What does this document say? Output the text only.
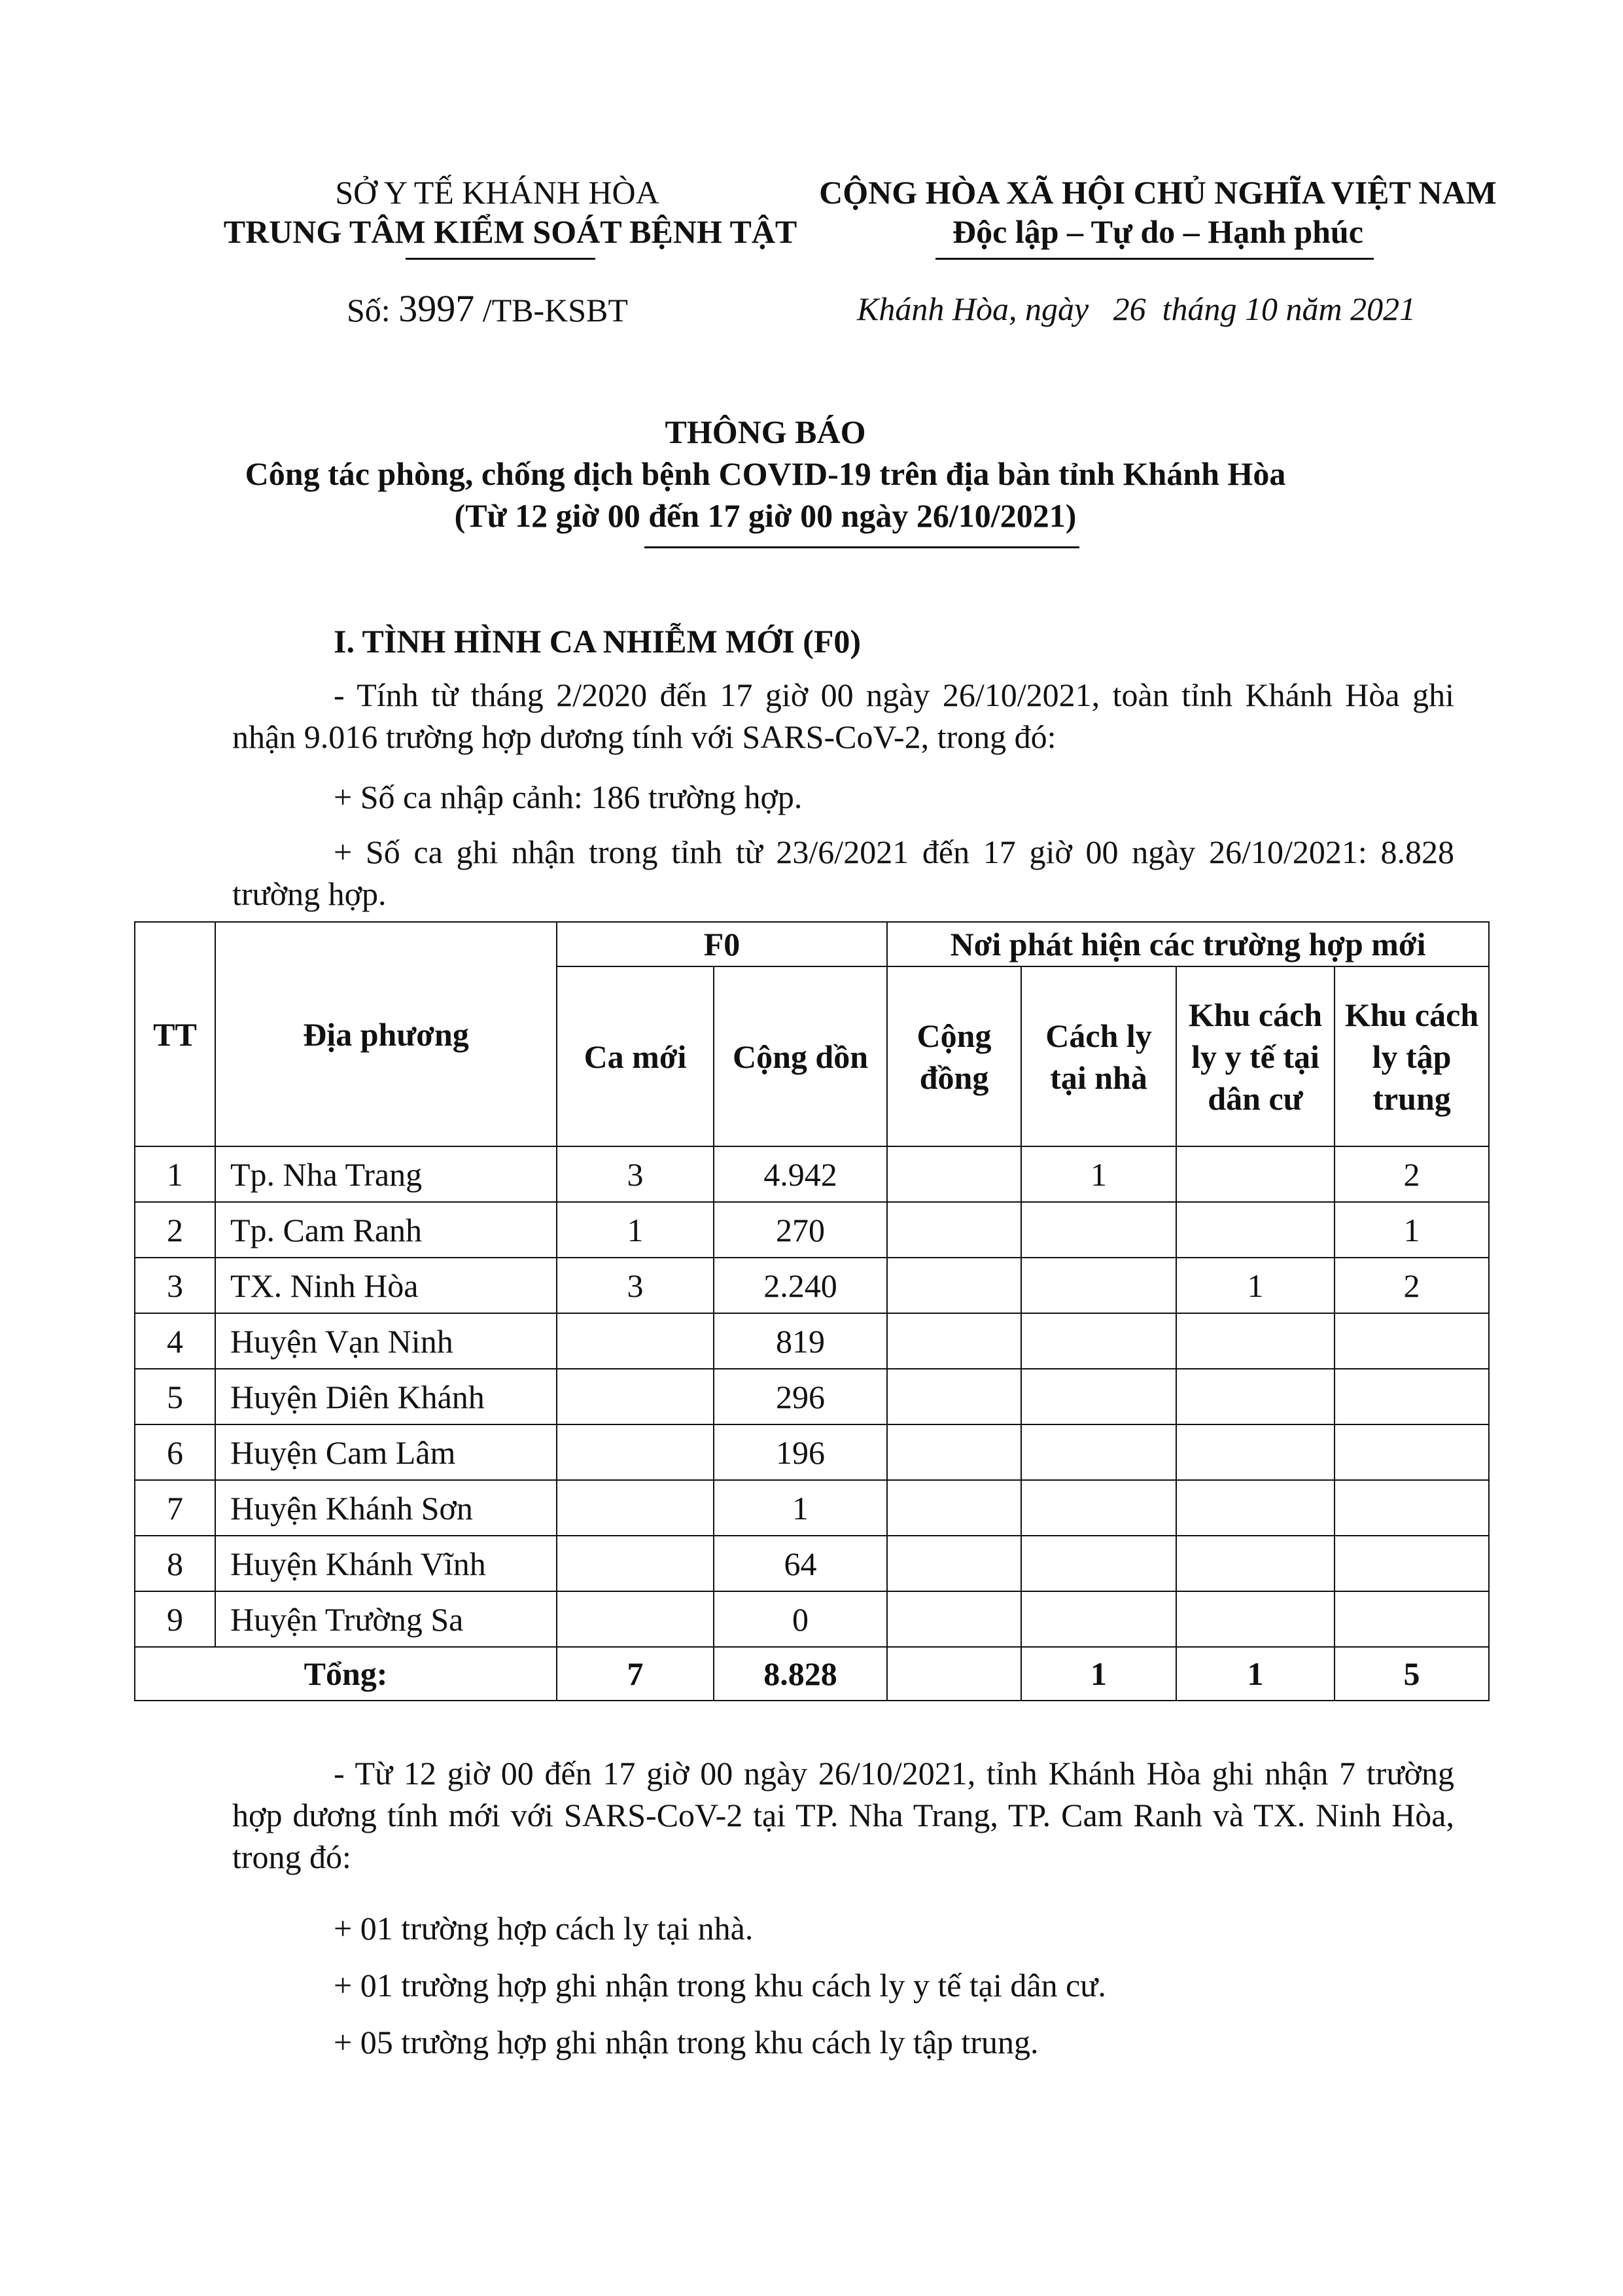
SỞ Y TẾ KHÁNH HÒA
TRUNG TÂM KIỂM SOÁT BỆNH TẬT
CỘNG HÒA XÃ HỘI CHỦ NGHĨA VIỆT NAM
Độc lập – Tự do – Hạnh phúc
Số: 3997 /TB-KSBT	Khánh Hòa, ngày   26  tháng 10 năm 2021
THÔNG BÁO
Công tác phòng, chống dịch bệnh COVID-19 trên địa bàn tỉnh Khánh Hòa
(Từ 12 giờ 00 đến 17 giờ 00 ngày 26/10/2021)
I. TÌNH HÌNH CA NHIỄM MỚI (F0)
- Tính từ tháng 2/2020 đến 17 giờ 00 ngày 26/10/2021, toàn tỉnh Khánh Hòa ghi nhận 9.016 trường hợp dương tính với SARS-CoV-2, trong đó:
+ Số ca nhập cảnh: 186 trường hợp.
+ Số ca ghi nhận trong tỉnh từ 23/6/2021 đến 17 giờ 00 ngày 26/10/2021: 8.828 trường hợp.
TT	Địa phương	F0		Nơi phát hiện các trường hợp mới			
		Ca mới	Cộng dồn	Cộng đồng	Cách ly tại nhà	Khu cách ly y tế tại dân cư	Khu cách ly tập trung
1	Tp. Nha Trang	3	4.942		1		2
2	Tp. Cam Ranh	1	270				1
3	TX. Ninh Hòa	3	2.240			1	2
4	Huyện Vạn Ninh		819				
5	Huyện Diên Khánh		296				
6	Huyện Cam Lâm		196				
7	Huyện Khánh Sơn		1				
8	Huyện Khánh Vĩnh		64				
9	Huyện Trường Sa		0				
Tổng:		7	8.828		1	1	5
- Từ 12 giờ 00 đến 17 giờ 00 ngày 26/10/2021, tỉnh Khánh Hòa ghi nhận 7 trường hợp dương tính mới với SARS-CoV-2 tại TP. Nha Trang, TP. Cam Ranh và TX. Ninh Hòa, trong đó:
+ 01 trường hợp cách ly tại nhà.
+ 01 trường hợp ghi nhận trong khu cách ly y tế tại dân cư.
+ 05 trường hợp ghi nhận trong khu cách ly tập trung.
